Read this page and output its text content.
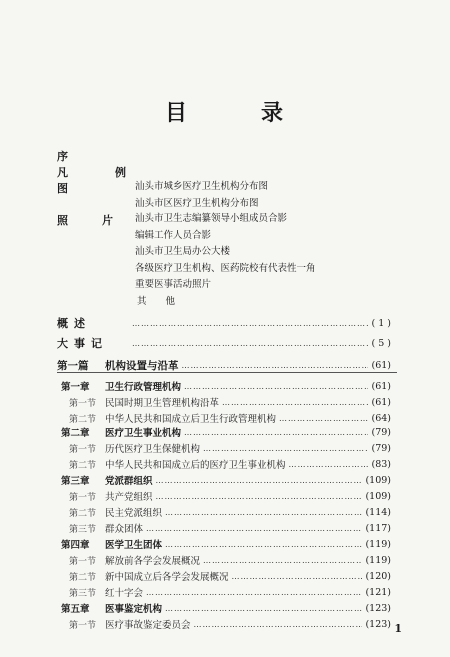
目	录
序
凡　例
图	汕头市城乡医疗卫生机构分布图
汕头市区医疗卫生机构分布图
照　　片 汕头市卫生志编纂领导小组成员合影
编辑工作人员合影
汕头市卫生局办公大楼
各级医疗卫生机构、医药院校有代表性一角
重要医事活动照片
其　　他
概述 ……………………………………………………………………………………………………………………………………	( 1 )
大事记 ……………………………………………………………………………………………………………………………………	( 5 )
第一篇	机构设置与沿革 ……………………………………………………………………………………………………………………………………	(61)
第一章	卫生行政管理机构 ……………………………………………………………………………………………………………………………………	(61)
第一节 民国时期卫生管理机构沿革 ……………………………………………………………………………………………………………………………………	(61)
第二节 中华人民共和国成立后卫生行政管理机构 ……………………………………………………………………………………………………………………………………	(64)
第二章	医疗卫生事业机构 ……………………………………………………………………………………………………………………………………	(79)
第一节 历代医疗卫生保健机构 ……………………………………………………………………………………………………………………………………	(79)
第二节 中华人民共和国成立后的医疗卫生事业机构 ……………………………………………………………………………………………………………………………………	(83)
第三章	党派群组织 ……………………………………………………………………………………………………………………………………	(109)
第一节 共产党组织 ……………………………………………………………………………………………………………………………………	(109)
第二节 民主党派组织 ……………………………………………………………………………………………………………………………………	(114)
第三节 群众团体 ……………………………………………………………………………………………………………………………………	(117)
第四章	医学卫生团体 ……………………………………………………………………………………………………………………………………	(119)
第一节 解放前各学会发展概况 ……………………………………………………………………………………………………………………………………	(119)
第二节 新中国成立后各学会发展概况 ……………………………………………………………………………………………………………………………………	(120)
第三节 红十字会 ……………………………………………………………………………………………………………………………………	(121)
第五章	医事鉴定机构 ……………………………………………………………………………………………………………………………………	(123)
第一节 医疗事故鉴定委员会 ……………………………………………………………………………………………………………………………………	(123) 1
